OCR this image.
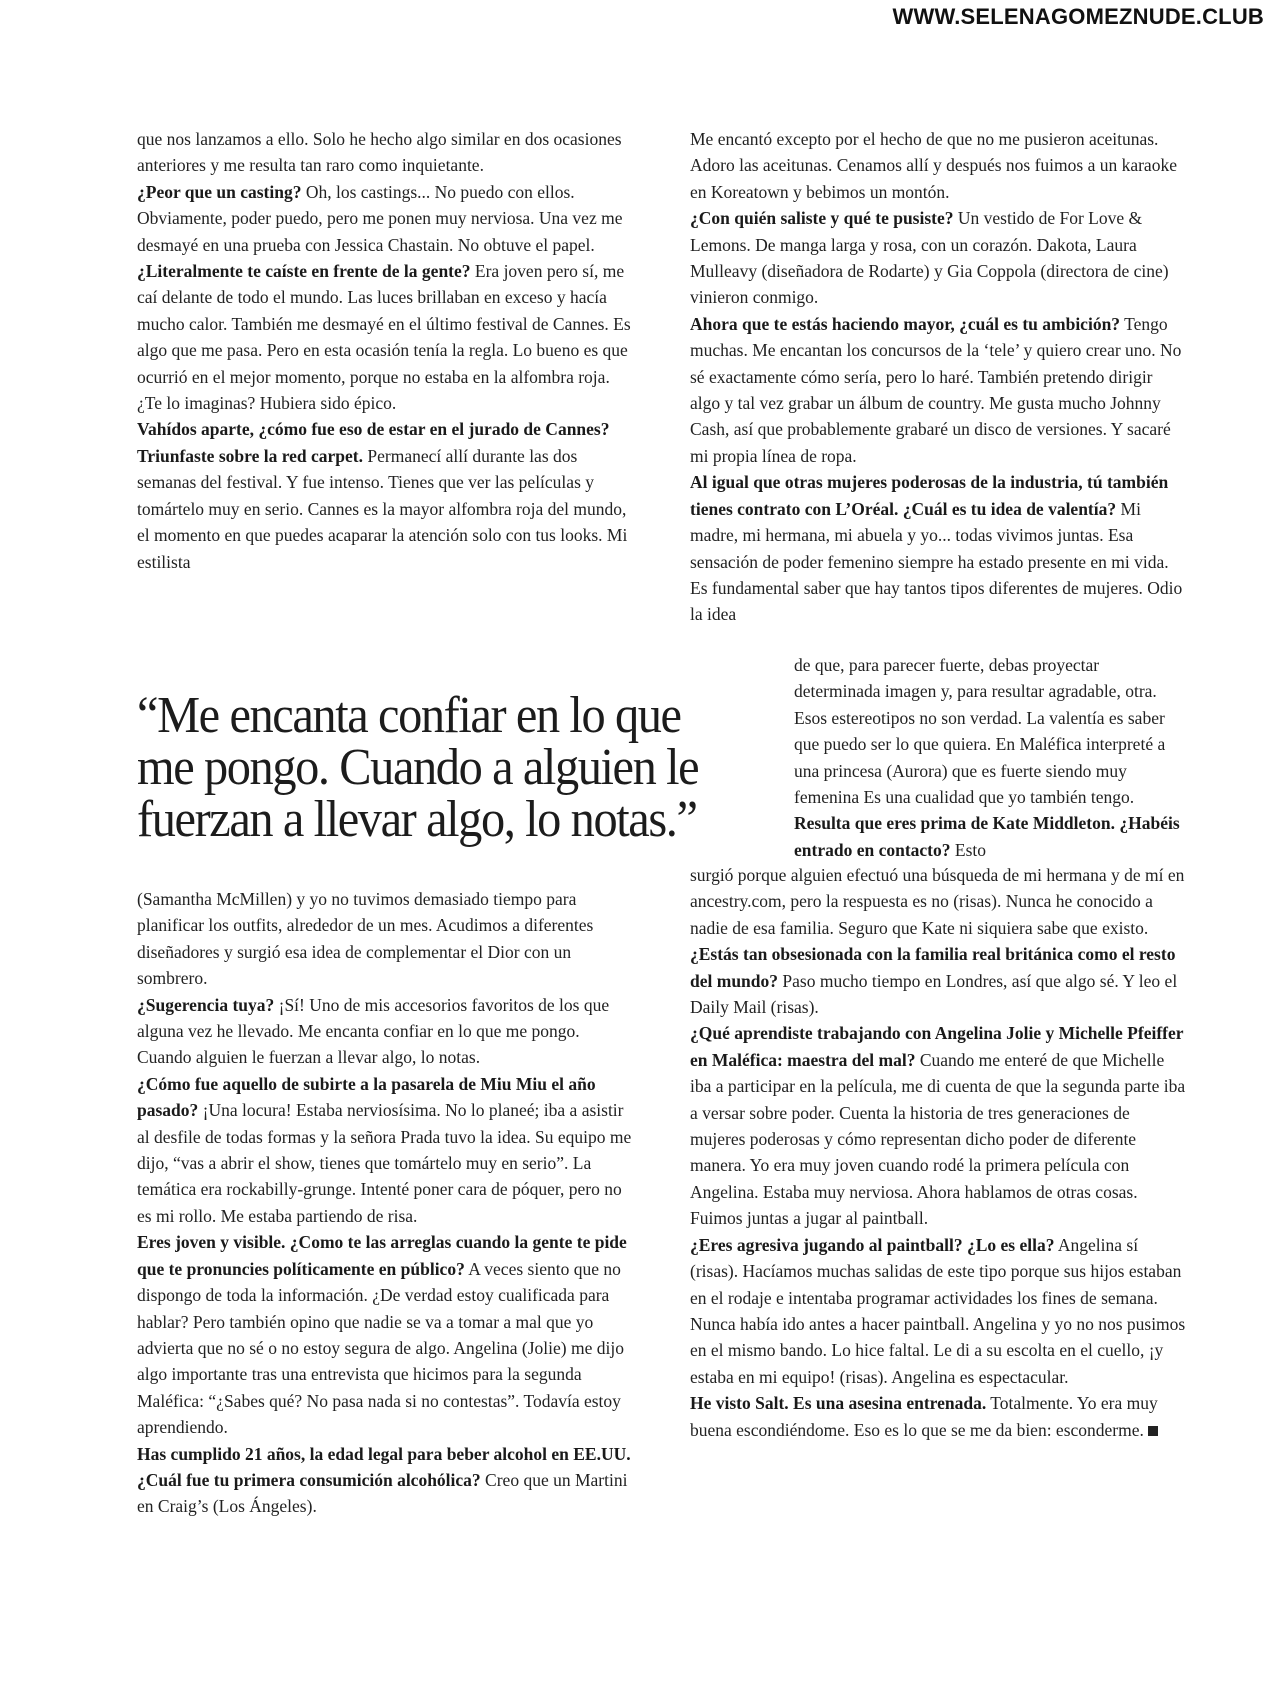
WWW.SELENAGOMEZNUDE.CLUB

que nos lanzamos a ello. Solo he hecho algo similar en dos ocasiones anteriores y me resulta tan raro como inquietante.

¿Peor que un casting? Oh, los castings... No puedo con ellos. Obviamente, poder puedo, pero me ponen muy nerviosa. Una vez me desmayé en una prueba con Jessica Chastain. No obtuve el papel.

¿Literalmente te caíste en frente de la gente? Era joven pero sí, me caí delante de todo el mundo. Las luces brillaban en exceso y hacía mucho calor. También me desmayé en el último festival de Cannes. Es algo que me pasa. Pero en esta ocasión tenía la regla. Lo bueno es que ocurrió en el mejor momento, porque no estaba en la alfombra roja. ¿Te lo imaginas? Hubiera sido épico.

Vahídos aparte, ¿cómo fue eso de estar en el jurado de Cannes? Triunfaste sobre la red carpet. Permanecí allí durante las dos semanas del festival. Y fue intenso. Tienes que ver las películas y tomártelo muy en serio. Cannes es la mayor alfombra roja del mundo, el momento en que puedes acaparar la atención solo con tus looks. Mi estilista

“Me encanta confiar en lo que me pongo. Cuando a alguien le fuerzan a llevar algo, lo notas.”

(Samantha McMillen) y yo no tuvimos demasiado tiempo para planificar los outfits, alrededor de un mes. Acudimos a diferentes diseñadores y surgió esa idea de complementar el Dior con un sombrero.

¿Sugerencia tuya? ¡Sí! Uno de mis accesorios favoritos de los que alguna vez he llevado. Me encanta confiar en lo que me pongo. Cuando alguien le fuerzan a llevar algo, lo notas.

¿Cómo fue aquello de subirte a la pasarela de Miu Miu el año pasado? ¡Una locura! Estaba nerviosísima. No lo planeé; iba a asistir al desfile de todas formas y la señora Prada tuvo la idea. Su equipo me dijo, “vas a abrir el show, tienes que tomártelo muy en serio”. La temática era rockabilly-grunge. Intenté poner cara de póquer, pero no es mi rollo. Me estaba partiendo de risa.

Eres joven y visible. ¿Como te las arreglas cuando la gente te pide que te pronuncies políticamente en público? A veces siento que no dispongo de toda la información. ¿De verdad estoy cualificada para hablar? Pero también opino que nadie se va a tomar a mal que yo advierta que no sé o no estoy segura de algo. Angelina (Jolie) me dijo algo importante tras una entrevista que hicimos para la segunda Maléfica: “¿Sabes qué? No pasa nada si no contestas”. Todavía estoy aprendiendo.

Has cumplido 21 años, la edad legal para beber alcohol en EE.UU. ¿Cuál fue tu primera consumición alcohólica? Creo que un Martini en Craig’s (Los Ángeles).

Me encantó excepto por el hecho de que no me pusieron aceitunas. Adoro las aceitunas. Cenamos allí y después nos fuimos a un karaoke en Koreatown y bebimos un montón.

¿Con quién saliste y qué te pusiste? Un vestido de For Love & Lemons. De manga larga y rosa, con un corazón. Dakota, Laura Mulleavy (diseñadora de Rodarte) y Gia Coppola (directora de cine) vinieron conmigo.

Ahora que te estás haciendo mayor, ¿cuál es tu ambición? Tengo muchas. Me encantan los concursos de la ‘tele’ y quiero crear uno. No sé exactamente cómo sería, pero lo haré. También pretendo dirigir algo y tal vez grabar un álbum de country. Me gusta mucho Johnny Cash, así que probablemente grabaré un disco de versiones. Y sacaré mi propia línea de ropa.

Al igual que otras mujeres poderosas de la industria, tú también tienes contrato con L’Oréal. ¿Cuál es tu idea de valentía? Mi madre, mi hermana, mi abuela y yo... todas vivimos juntas. Esa sensación de poder femenino siempre ha estado presente en mi vida. Es fundamental saber que hay tantos tipos diferentes de mujeres. Odio la idea

de que, para parecer fuerte, debas proyectar determinada imagen y, para resultar agradable, otra. Esos estereotipos no son verdad. La valentía es saber que puedo ser lo que quiera. En Maléfica interpreté a una princesa (Aurora) que es fuerte siendo muy femenina Es una cualidad que yo también tengo.

Resulta que eres prima de Kate Middleton. ¿Habéis entrado en contacto? Esto

surgió porque alguien efectuó una búsqueda de mi hermana y de mí en ancestry.com, pero la respuesta es no (risas). Nunca he conocido a nadie de esa familia. Seguro que Kate ni siquiera sabe que existo.

¿Estás tan obsesionada con la familia real británica como el resto del mundo? Paso mucho tiempo en Londres, así que algo sé. Y leo el Daily Mail (risas).

¿Qué aprendiste trabajando con Angelina Jolie y Michelle Pfeiffer en Maléfica: maestra del mal? Cuando me enteré de que Michelle iba a participar en la película, me di cuenta de que la segunda parte iba a versar sobre poder. Cuenta la historia de tres generaciones de mujeres poderosas y cómo representan dicho poder de diferente manera. Yo era muy joven cuando rodé la primera película con Angelina. Estaba muy nerviosa. Ahora hablamos de otras cosas. Fuimos juntas a jugar al paintball.

¿Eres agresiva jugando al paintball? ¿Lo es ella? Angelina sí (risas). Hacíamos muchas salidas de este tipo porque sus hijos estaban en el rodaje e intentaba programar actividades los fines de semana. Nunca había ido antes a hacer paintball. Angelina y yo no nos pusimos en el mismo bando. Lo hice faltal. Le di a su escolta en el cuello, ¡y estaba en mi equipo! (risas). Angelina es espectacular.

He visto Salt. Es una asesina entrenada. Totalmente. Yo era muy buena escondiéndome. Eso es lo que se me da bien: esconderme.
